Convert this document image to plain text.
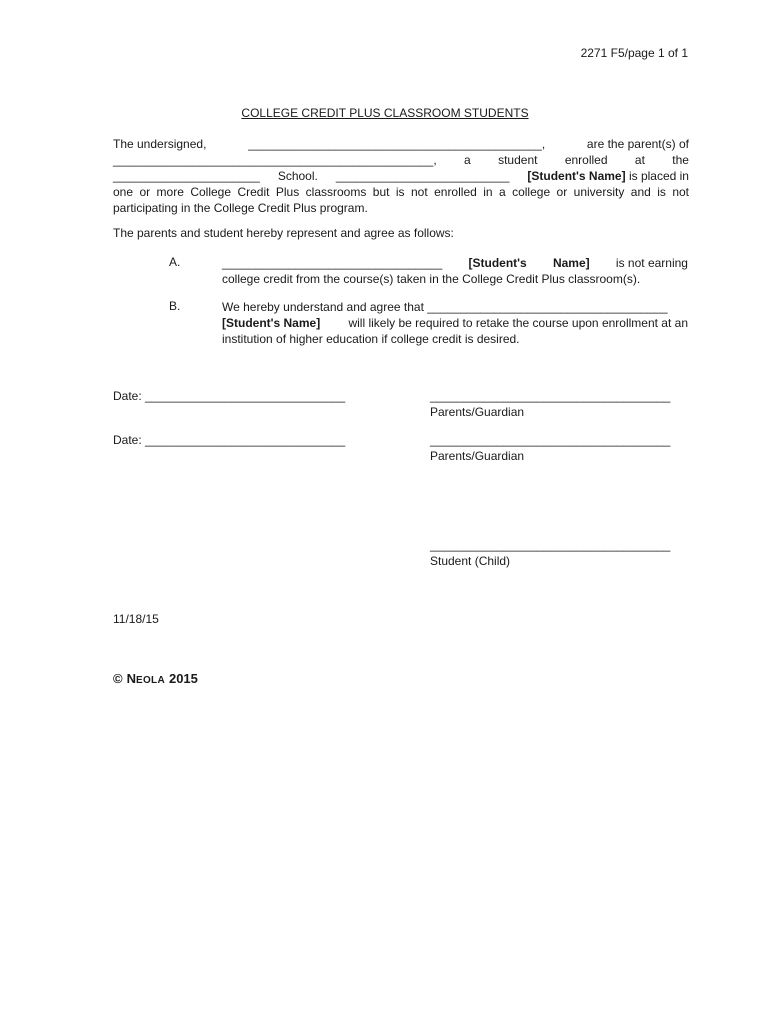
2271 F5/page 1 of 1
COLLEGE CREDIT PLUS CLASSROOM STUDENTS
The undersigned,	____________________________________________,	are the parent(s) of
________________________________________________, a student enrolled at the
______________________ School. __________________________ [Student's Name] is placed in
one or more College Credit Plus classrooms but is not enrolled in a college or university and is not
participating in the College Credit Plus program.
The parents and student hereby represent and agree as follows:
A.	_________________________________ [Student's Name] is not earning
college credit from the course(s) taken in the College Credit Plus classroom(s).
B.	We hereby understand and agree that ____________________________________
[Student's Name] will likely be required to retake the course upon enrollment at an
institution of higher education if college credit is desired.
Date: ______________________________
Date: ______________________________
____________________________________
Parents/Guardian
____________________________________
Parents/Guardian
____________________________________
Student (Child)
11/18/15
© N EOLA 2015
